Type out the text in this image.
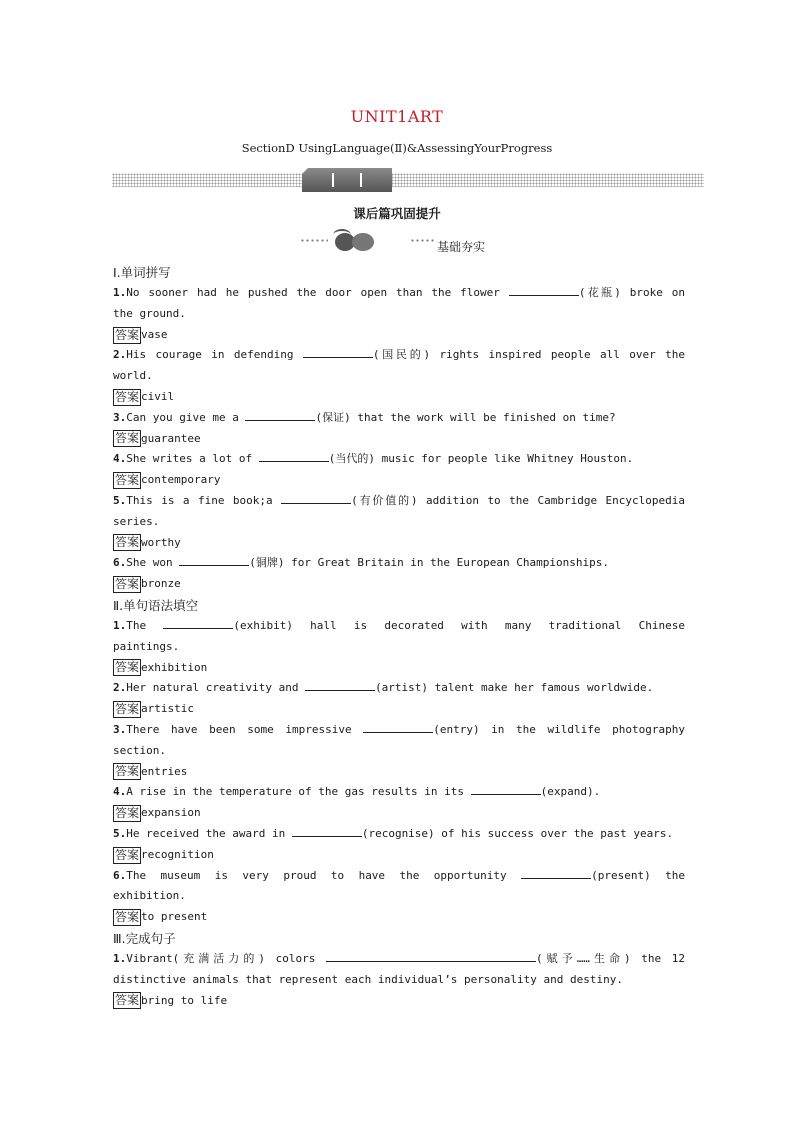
UNIT1ART
SectionD UsingLanguage(Ⅱ)&AssessingYourProgress
课后篇巩固提升
基础夯实
Ⅰ.单词拼写
1.No sooner had he pushed the door open than the flower	(花瓶) broke on
the ground.
答案 vase
2.His courage in defending	(国民的) rights inspired people all over the
world.
答案 civil
3.Can you give me a	(保证) that the work will be finished on time?
答案 guarantee
4.She writes a lot of	(当代的) music for people like Whitney Houston.
答案 contemporary
5.This is a fine book;a	(有价值的) addition to the Cambridge Encyclopedia
series.
答案 worthy
6.She won	(铜牌) for Great Britain in the European Championships.
答案 bronze
Ⅱ.单句语法填空
1.The	(exhibit) hall is decorated with many traditional Chinese
paintings.
答案 exhibition
2.Her natural creativity and	(artist) talent make her famous worldwide.
答案 artistic
3.There have been some impressive	(entry) in the wildlife photography
section.
答案 entries
4.A rise in the temperature of the gas results in its	(expand).
答案 expansion
5.He received the award in	(recognise) of his success over the past years.
答案 recognition
6.The museum is very proud to have the opportunity	(present) the
exhibition.
答案 to present
Ⅲ.完成句子
1.Vibrant(充满活力的) colors	(赋予……生命) the 12
distinctive animals that represent each individual’s personality and destiny.
答案 bring to life
